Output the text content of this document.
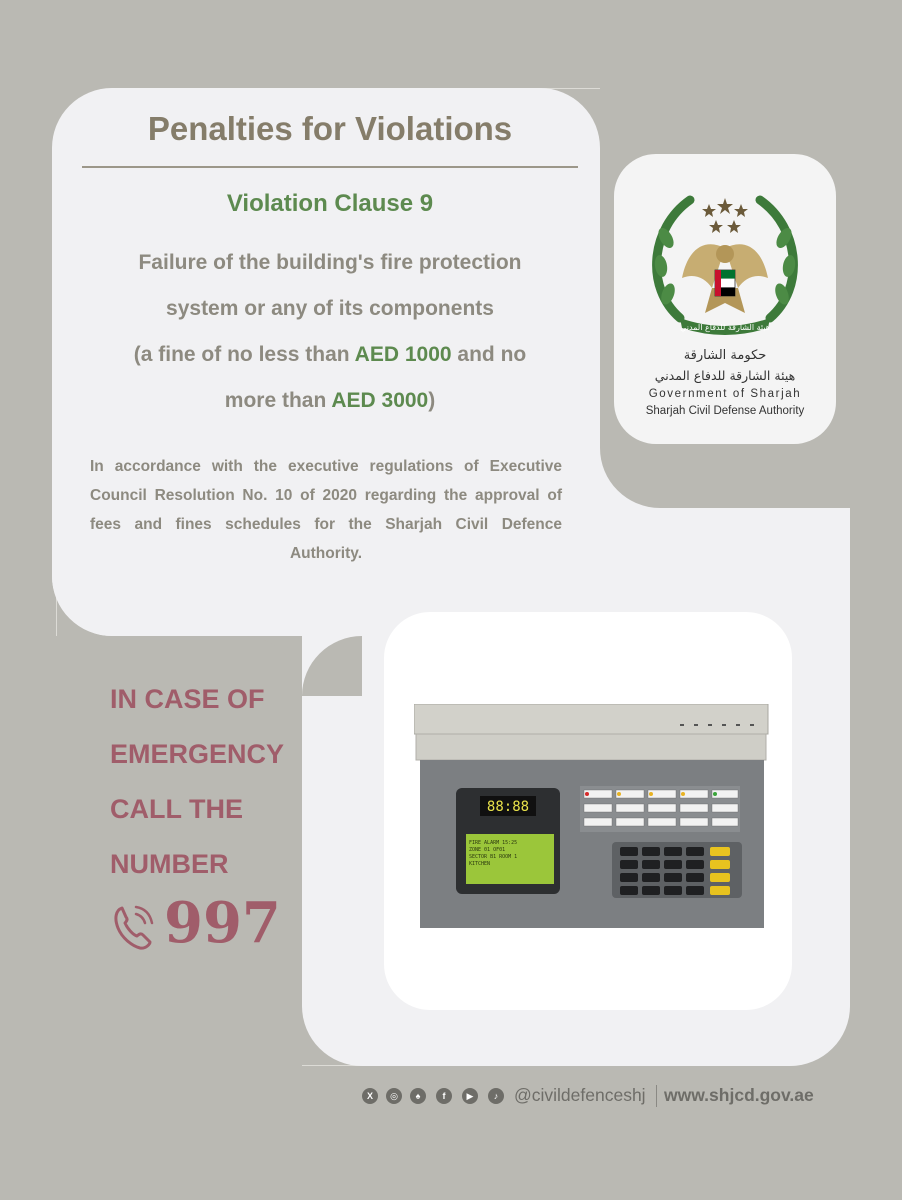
Penalties for Violations
Violation Clause 9
Failure of the building's fire protection
system or any of its components
(a fine of no less than AED 1000 and no
more than AED 3000)
In accordance with the executive regulations of Executive Council Resolution No. 10 of 2020 regarding the approval of fees and fines schedules for the Sharjah Civil Defence Authority.
هيئة الشارقة للدفاع المدني
حكومة الشارقة
هيئة الشارقة للدفاع المدني
Government of Sharjah
Sharjah Civil Defense Authority
IN CASE OF
EMERGENCY
CALL THE
NUMBER
997
88:88
FIRE ALARM 15:25
ZONE 01 OF01
SECTOR B1 ROOM 1
KITCHEN
X	◎	♠	f	▶	♪ @civildefenceshj www.shjcd.gov.ae
